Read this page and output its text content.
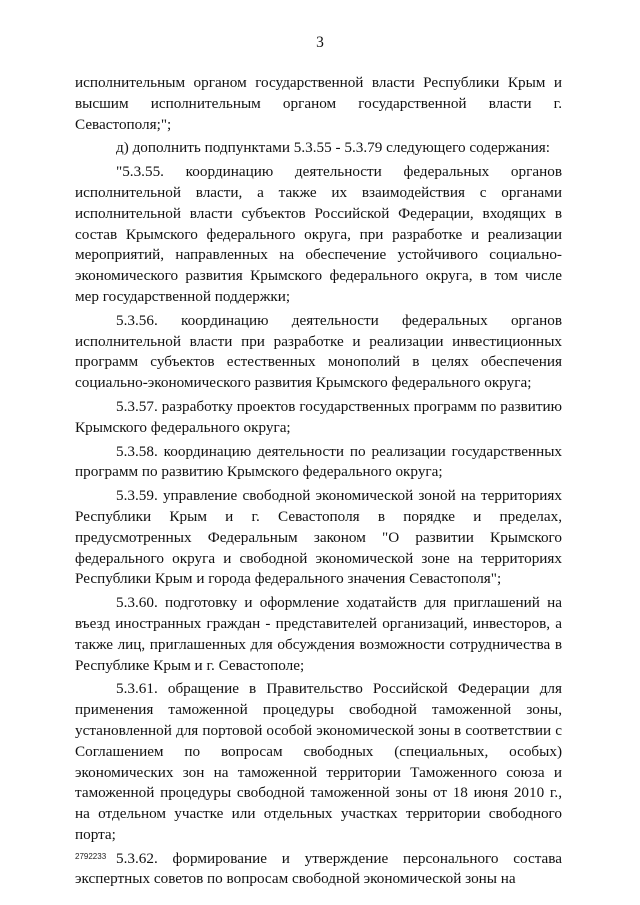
3

исполнительным органом государственной власти Республики Крым и высшим исполнительным органом государственной власти г. Севастополя;";

д) дополнить подпунктами 5.3.55 - 5.3.79 следующего содержания:

"5.3.55. координацию деятельности федеральных органов исполнительной власти, а также их взаимодействия с органами исполнительной власти субъектов Российской Федерации, входящих в состав Крымского федерального округа, при разработке и реализации мероприятий, направленных на обеспечение устойчивого социально-экономического развития Крымского федерального округа, в том числе мер государственной поддержки;

5.3.56. координацию деятельности федеральных органов исполнительной власти при разработке и реализации инвестиционных программ субъектов естественных монополий в целях обеспечения социально-экономического развития Крымского федерального округа;

5.3.57. разработку проектов государственных программ по развитию Крымского федерального округа;

5.3.58. координацию деятельности по реализации государственных программ по развитию Крымского федерального округа;

5.3.59. управление свободной экономической зоной на территориях Республики Крым и г. Севастополя в порядке и пределах, предусмотренных Федеральным законом "О развитии Крымского федерального округа и свободной экономической зоне на территориях Республики Крым и города федерального значения Севастополя";

5.3.60. подготовку и оформление ходатайств для приглашений на въезд иностранных граждан - представителей организаций, инвесторов, а также лиц, приглашенных для обсуждения возможности сотрудничества в Республике Крым и г. Севастополе;

5.3.61. обращение в Правительство Российской Федерации для применения таможенной процедуры свободной таможенной зоны, установленной для портовой особой экономической зоны в соответствии с Соглашением по вопросам свободных (специальных, особых) экономических зон на таможенной территории Таможенного союза и таможенной процедуры свободной таможенной зоны от 18 июня 2010 г., на отдельном участке или отдельных участках территории свободного порта;

5.3.62. формирование и утверждение персонального состава экспертных советов по вопросам свободной экономической зоны на

2792233
